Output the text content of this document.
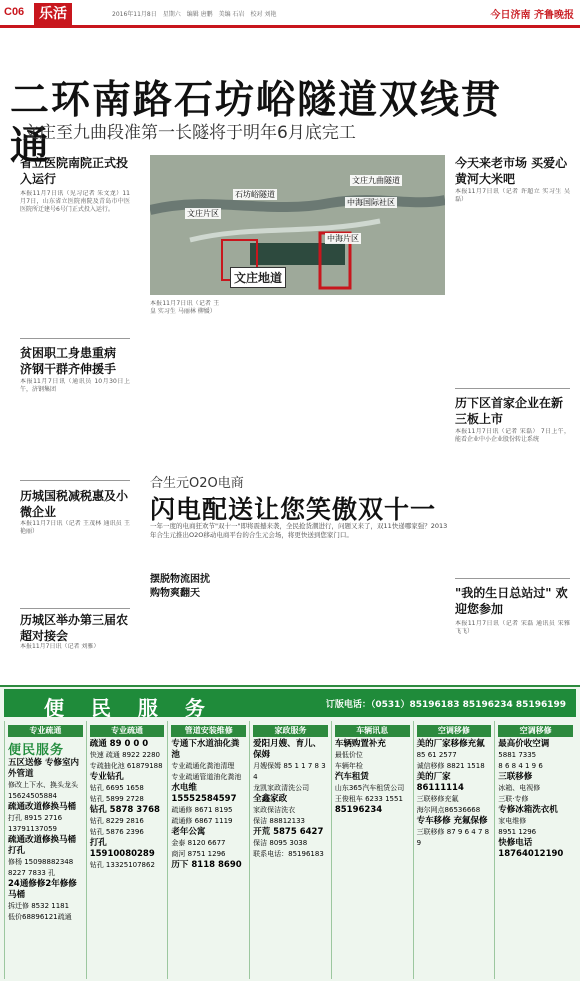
C06	乐活	2016年11月8日　星期六　编辑 唐鹏　美编 石岩　校对 刘艳	今日济南 齐鲁晚报
二环南路石坊峪隧道双线贯通
文庄至九曲段准第一长隧将于明年6月底完工
省立医院南院正式投入运行
本报11月7日讯（见习记者 朱文龙）11月7日，山东省立医院南院及青岛市中医医院所迁建号6号门正式投入运行。
贫困职工身患重病 济钢干群齐伸援手
本报11月7日讯（通讯员 10月30日上午，济钢集团
历城国税减税惠及小微企业
本报11月7日讯（记者 王茂林 通讯员 王艳丽）
历城区举办第三届农超对接会
本报11月7日讯（记者 刘雅）
石坊峪隧道
文庄九曲隧道
中海国际社区
文庄片区
中海片区
文庄地道
本报11月7日讯（记者 王皇 实习生 马丽林 柳媛）
今天来老市场 买爱心黄河大米吧
本报11月7日讯（记者 许超立 实习生 吴磊）
历下区首家企业在新三板上市
本报11月7日讯（记者 宋磊） 7日上午，能看企业中小企业股份转让系统
"我的生日总站过" 欢迎您参加
本报11月7日讯（记者 宋磊 通讯员 宋雅 飞飞）
合生元O2O电商
闪电配送让您笑傲双十一
一年一度的电商狂欢节"双十一"即将震撼来袭，全民抢货潮进行，问题又来了，双11快递哪家强？2013年合生元推出O2O移动电商平台的合生元会场，将更快送到您家门口。
摆脱物流困扰
购物爽翻天
便 民 服 务	订版电话：（0531）85196183 85196234 85196199
专业疏通
便民服务
五区送修 专修室内外管道
修改上下水、换头龙头
15624505884
疏通改道修换马桶
打孔 8915 2716
13791137059
疏通改道修换马桶打孔
修杨 15098882348
8227 7833 孔
24通修修2年修修马桶
拆迁修 8532 1181
低价68896121疏通
专业疏通
疏通 89 0 0 0
快速 疏通 8922 2280
专疏抽化池 61879188
专业钻孔
钻孔 6695 1658
钻孔 5899 2728
钻孔 5878 3768
钻孔 8229 2816
钻孔 5876 2396
打孔 15910080289
钻孔 13325107862
管道安装维修
专通下水道油化粪池
专业疏通化粪池清理
专业疏通管道油化粪池
水电维 15552584597
疏通修 8671 8195
疏通修 6867 1119
老年公寓
金泰 8120 6677
商河 8751 1296
历下 8118 8690
家政服务
爱阳月嫂、育儿、保姆
月嫂保姆 85 1 1 7 8 3 4
龙凯家政清洗公司
全鑫家政
家政保洁洗衣
保洁 88812133
开荒 5875 6427
保洁 8095 3038
联系电话：85196183
车辆讯息
车辆购置补充
最低价位
车辆年检
汽车租赁
山东365汽车租赁公司
王俊租车 6233 1551
85196234
空调移修
美的厂家移修充氟
85 61 2577
诚信移修 8821 1518
美的厂家86111114
三联移修充氟
海尔网点86536668
专车移修 充氟保修
三联移修 87 9 6 4 7 8 9
空调移修
最高价收空调
5881 7335
8 6 8 4 1 9 6
三联移修
冰箱、电视修
三联·专修
专修冰箱洗衣机
家电维修
8951 1296
快修电话18764012190
